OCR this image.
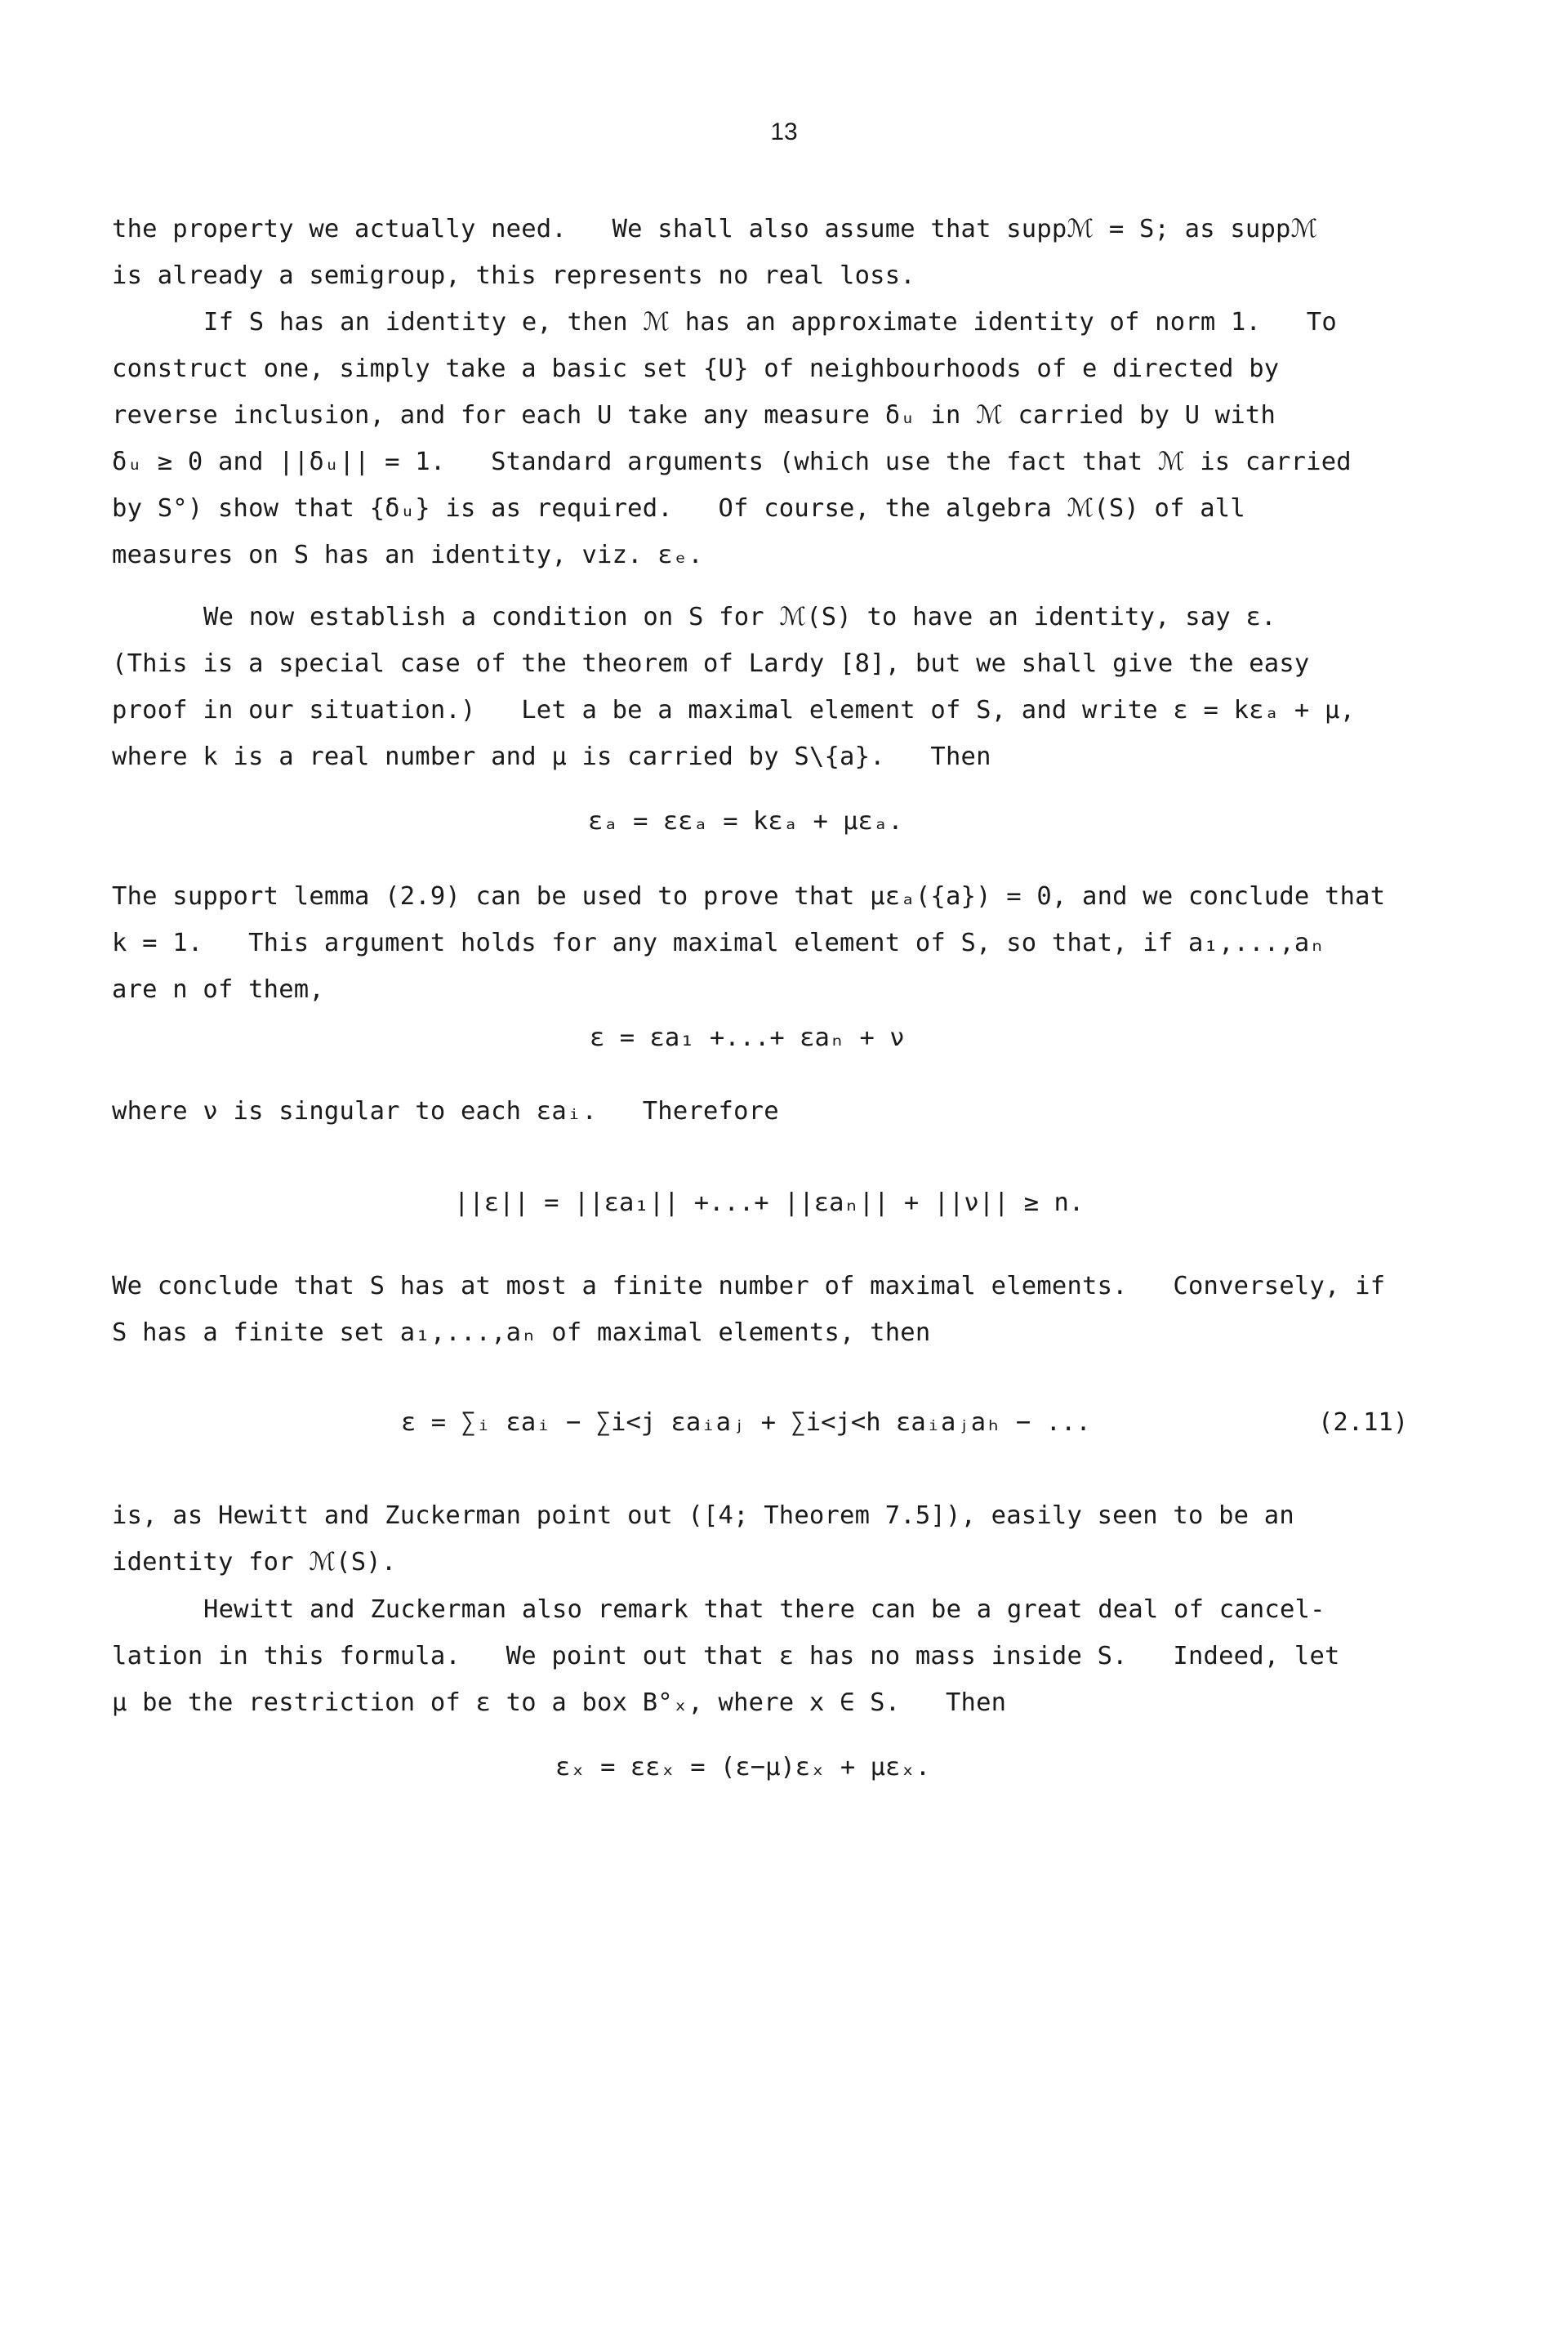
13
the property we actually need.   We shall also assume that suppℳ = S; as suppℳ
is already a semigroup, this represents no real loss.
If S has an identity e, then ℳ has an approximate identity of norm 1.   To
construct one, simply take a basic set {U} of neighbourhoods of e directed by
reverse inclusion, and for each U take any measure δᵤ in ℳ carried by U with
δᵤ ≥ 0 and ||δᵤ|| = 1.   Standard arguments (which use the fact that ℳ is carried
by S°) show that {δᵤ} is as required.   Of course, the algebra ℳ(S) of all
measures on S has an identity, viz. εₑ.
We now establish a condition on S for ℳ(S) to have an identity, say ε.
(This is a special case of the theorem of Lardy [8], but we shall give the easy
proof in our situation.)   Let a be a maximal element of S, and write ε = kεₐ + μ,
where k is a real number and μ is carried by S\{a}.   Then
εₐ = εεₐ = kεₐ + μεₐ.
The support lemma (2.9) can be used to prove that μεₐ({a}) = 0, and we conclude that
k = 1.   This argument holds for any maximal element of S, so that, if a₁,...,aₙ
are n of them,
ε = εa₁ +...+ εaₙ + ν
where ν is singular to each εaᵢ.   Therefore
||ε|| = ||εa₁|| +...+ ||εaₙ|| + ||ν|| ≥ n.
We conclude that S has at most a finite number of maximal elements.   Conversely, if
S has a finite set a₁,...,aₙ of maximal elements, then
ε = ∑ᵢ εaᵢ − ∑i<j εaᵢaⱼ + ∑i<j<h εaᵢaⱼaₕ − ...	(2.11)
is, as Hewitt and Zuckerman point out ([4; Theorem 7.5]), easily seen to be an
identity for ℳ(S).
Hewitt and Zuckerman also remark that there can be a great deal of cancel-
lation in this formula.   We point out that ε has no mass inside S.   Indeed, let
μ be the restriction of ε to a box B°ₓ, where x ∈ S.   Then
εₓ = εεₓ = (ε−μ)εₓ + μεₓ.
